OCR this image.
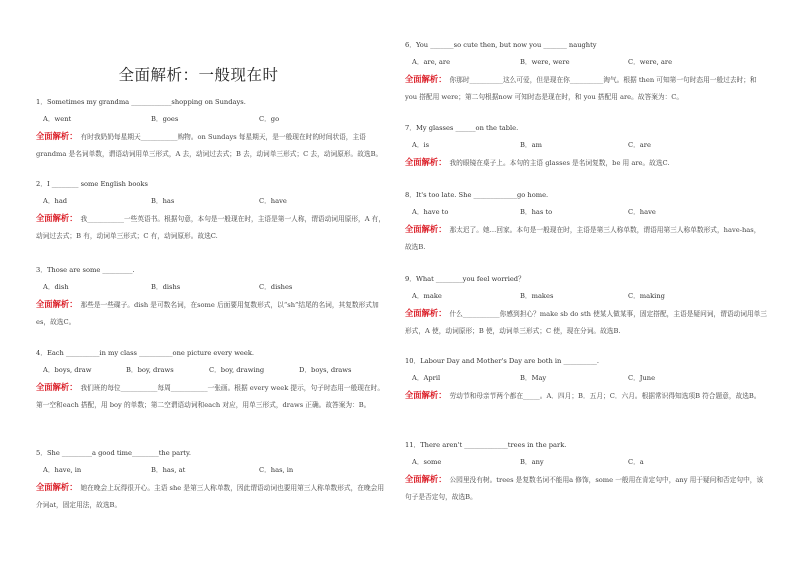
全面解析：一般现在时
1．Sometimes my grandma ____________shopping on Sundays.
A．went	B．goes	C．go
全面解析： 有时我奶奶每星期天___________购物。on Sundays 每星期天，是一般现在时的时间状语，主语grandma 是名词单数，谓语动词用单三形式，A 去，动词过去式；B 去，动词单三形式；C 去，动词原形。故选B。
2．I ________ some English books
A．had	B．has	C．have
全面解析： 我___________一些英语书。根据句意，本句是一般现在时，主语是第一人称，谓语动词用原形，A 有，动词过去式；B 有，动词单三形式；C 有，动词原形。故选C.
3．Those are some _________.
A．dish	B．dishs	C．dishes
全面解析： 那些是一些碟子。dish 是可数名词，在some 后面要用复数形式，以“sh”结尾的名词，其复数形式加es，故选C。
4．Each __________in my class __________one picture every week.
A．boys, draw	B．boy, draws	C．boy, drawing	D．boys, draws
全面解析： 我们班的每位___________每周___________一张画。根据 every week 提示，句子时态用一般现在时。第一空和each 搭配，用 boy 的单数；第二空谓语动词和each 对应，用单三形式，draws 正确。故答案为：B。
5．She _________a good time________the party.
A．have, in	B．has, at	C．has, in
全面解析： 她在晚会上玩得很开心。主语 she 是第三人称单数，因此谓语动词也要用第三人称单数形式，在晚会用介词at，固定用法，故选B。
6．You _______so cute then, but now you _______ naughty
A．are, are	B．were, were	C．were, are
全面解析： 你那时__________这么可爱，但是现在你__________淘气。根据 then 可知第一句时态用一般过去时；和 you 搭配用 were；第二句根据now 可知时态是现在时，和 you 搭配用 are。故答案为：C。
7．My glasses ______on the table.
A．is	B．am	C．are
全面解析： 我的眼镜在桌子上。本句的主语 glasses 是名词复数，be 用 are。故选C.
8．It's too late. She _____________go home.
A．have to	B．has to	C．have
全面解析： 那太迟了。她…回家。本句是一般现在时，主语是第三人称单数，谓语用第三人称单数形式，have-has，故选B.
9．What ________you feel worried？
A．make	B．makes	C．making
全面解析： 什么___________你感到担心？make sb do sth 使某人做某事，固定搭配，主语是疑问词，谓语动词用单三形式，A 使，动词原形；B 使，动词单三形式；C 使，现在分词。故选B.
10．Labour Day and Mother's Day are both in __________.
A．April	B．May	C．June
全面解析： 劳动节和母亲节两个都在_____。A．四月；B．五月；C．六月。根据常识得知选项B 符合题意，故选B。
11．There aren't _____________trees in the park.
A．some	B．any	C．a
全面解析： 公园里没有树。trees 是复数名词不能用a 修饰，some 一般用在肯定句中，any 用于疑问和否定句中，该句子是否定句，故选B。
